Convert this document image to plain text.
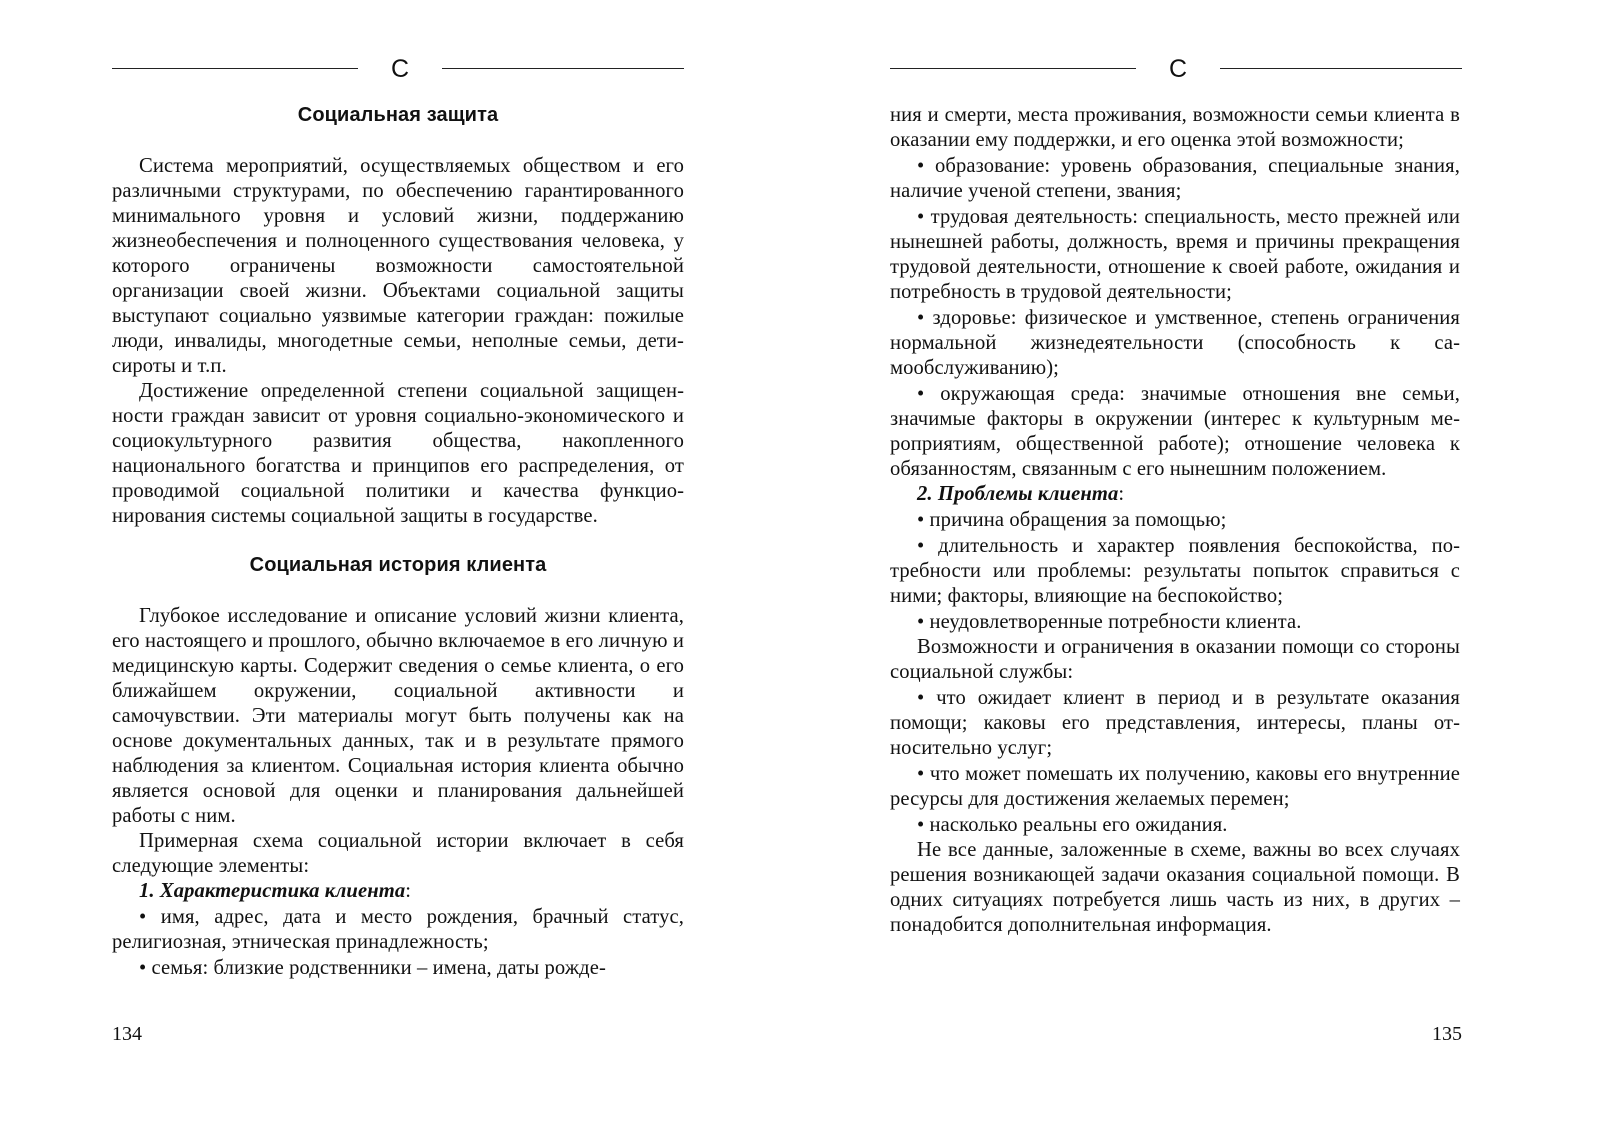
С
Социальная защита

Система мероприятий, осуществляемых обществом и его различными структурами, по обеспечению гарантированного минимального уровня и условий жизни, поддержанию жизнеобеспечения и полноценного существования человека, у которого ограничены возможности самостоятельной организации своей жизни. Объектами социальной защиты выступают социально уязвимые категории граждан: пожилые люди, инвалиды, многодетные семьи, неполные семьи, дети-сироты и т.п.

Достижение определенной степени социальной защищенности граждан зависит от уровня социально-экономического и социокультурного развития общества, накопленного национального богатства и принципов его распределения, от проводимой социальной политики и качества функционирования системы социальной защиты в государстве.

Социальная история клиента

Глубокое исследование и описание условий жизни клиента, его настоящего и прошлого, обычно включаемое в его личную и медицинскую карты. Содержит сведения о семье клиента, о его ближайшем окружении, социальной активности и самочувствии. Эти материалы могут быть получены как на основе документальных данных, так и в результате прямого наблюдения за клиентом. Социальная история клиента обычно является основой для оценки и планирования дальнейшей работы с ним.

Примерная схема социальной истории включает в себя следующие элементы:

1. Характеристика клиента:

• имя, адрес, дата и место рождения, брачный статус, религиозная, этническая принадлежность;

• семья: близкие родственники – имена, даты рожде-

134
С

ния и смерти, места проживания, возможности семьи клиента в оказании ему поддержки, и его оценка этой возможности;

• образование: уровень образования, специальные знания, наличие ученой степени, звания;

• трудовая деятельность: специальность, место прежней или нынешней работы, должность, время и причины прекращения трудовой деятельности, отношение к своей работе, ожидания и потребность в трудовой деятельности;

• здоровье: физическое и умственное, степень ограничения нормальной жизнедеятельности (способность к самообслуживанию);

• окружающая среда: значимые отношения вне семьи, значимые факторы в окружении (интерес к культурным мероприятиям, общественной работе); отношение человека к обязанностям, связанным с его нынешним положением.

2. Проблемы клиента:

• причина обращения за помощью;

• длительность и характер появления беспокойства, потребности или проблемы: результаты попыток справиться с ними; факторы, влияющие на беспокойство;

• неудовлетворенные потребности клиента.

Возможности и ограничения в оказании помощи со стороны социальной службы:

• что ожидает клиент в период и в результате оказания помощи; каковы его представления, интересы, планы относительно услуг;

• что может помешать их получению, каковы его внутренние ресурсы для достижения желаемых перемен;

• насколько реальны его ожидания.

Не все данные, заложенные в схеме, важны во всех случаях решения возникающей задачи оказания социальной помощи. В одних ситуациях потребуется лишь часть из них, в других – понадобится дополнительная информация.

135
